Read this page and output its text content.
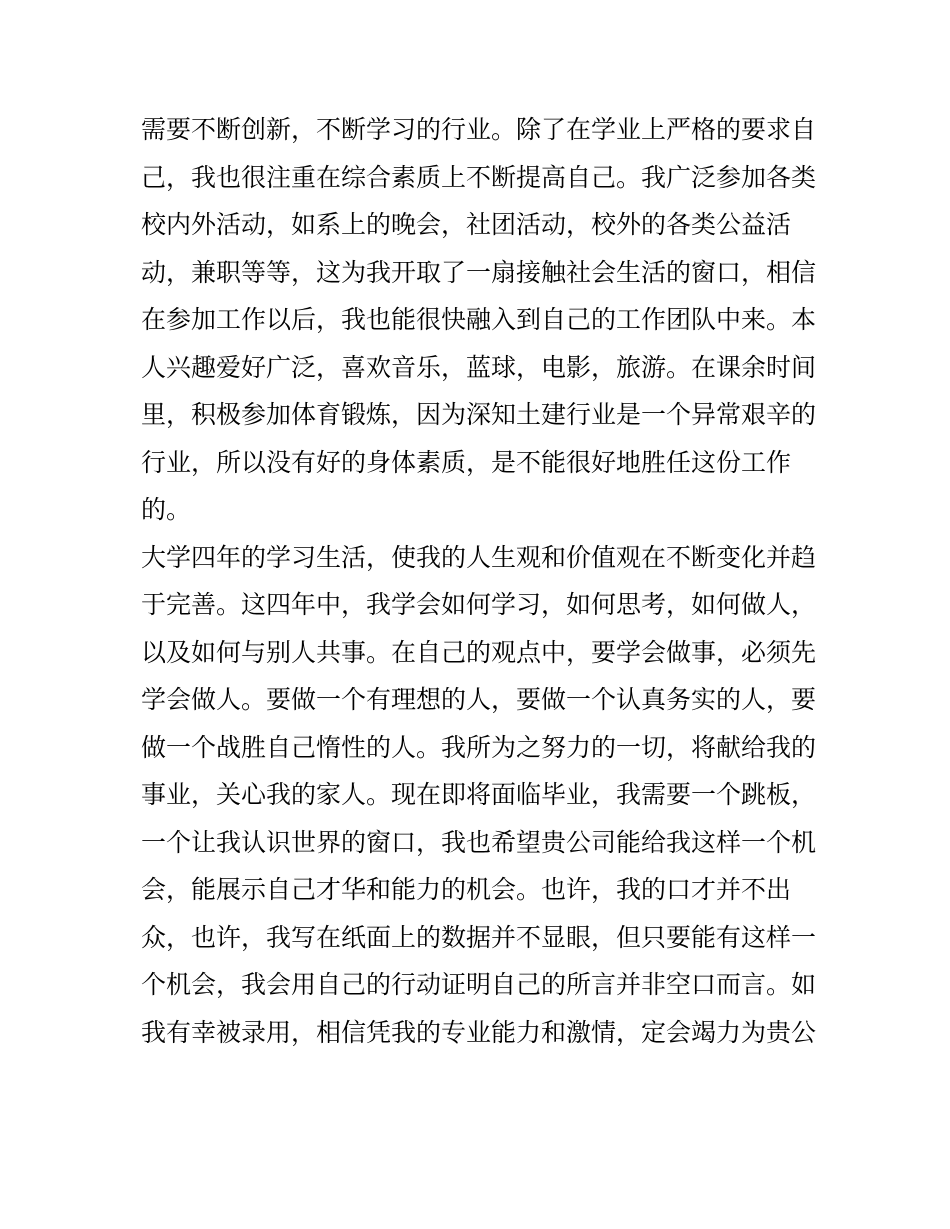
需要不断创新，不断学习的行业。除了在学业上严格的要求自
己，我也很注重在综合素质上不断提高自己。我广泛参加各类
校内外活动，如系上的晚会，社团活动，校外的各类公益活
动，兼职等等，这为我开取了一扇接触社会生活的窗口，相信
在参加工作以后，我也能很快融入到自己的工作团队中来。本
人兴趣爱好广泛，喜欢音乐，蓝球，电影，旅游。在课余时间
里，积极参加体育锻炼，因为深知土建行业是一个异常艰辛的
行业，所以没有好的身体素质，是不能很好地胜任这份工作
的。
大学四年的学习生活，使我的人生观和价值观在不断变化并趋
于完善。这四年中，我学会如何学习，如何思考，如何做人，
以及如何与别人共事。在自己的观点中，要学会做事，必须先
学会做人。要做一个有理想的人，要做一个认真务实的人，要
做一个战胜自己惰性的人。我所为之努力的一切，将献给我的
事业，关心我的家人。现在即将面临毕业，我需要一个跳板，
一个让我认识世界的窗口，我也希望贵公司能给我这样一个机
会，能展示自己才华和能力的机会。也许，我的口才并不出
众，也许，我写在纸面上的数据并不显眼，但只要能有这样一
个机会，我会用自己的行动证明自己的所言并非空口而言。如
我有幸被录用，相信凭我的专业能力和激情，定会竭力为贵公
